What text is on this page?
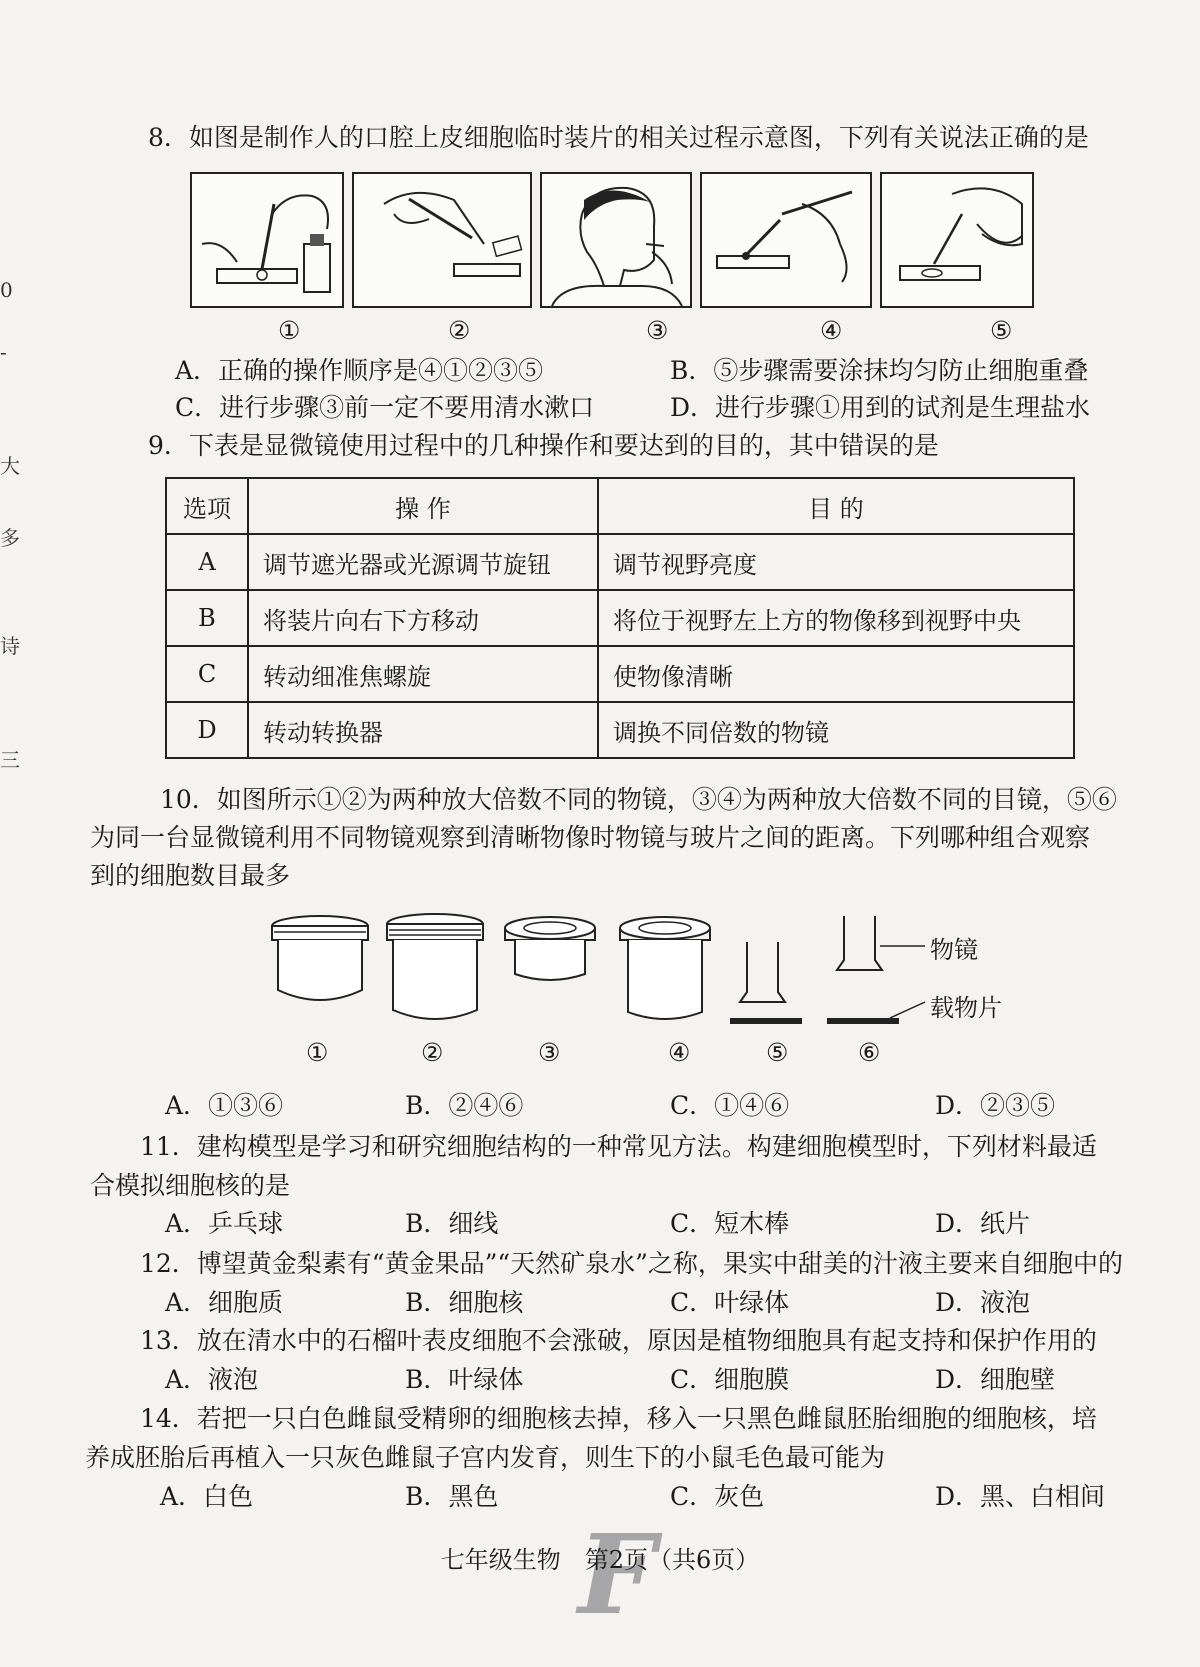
0
-
大
多
诗
三
8．如图是制作人的口腔上皮细胞临时装片的相关过程示意图，下列有关说法正确的是
①	②	③	④	⑤
A．正确的操作顺序是④①②③⑤	B．⑤步骤需要涂抹均匀防止细胞重叠
C．进行步骤③前一定不要用清水漱口	D．进行步骤①用到的试剂是生理盐水
9．下表是显微镜使用过程中的几种操作和要达到的目的，其中错误的是
选项	操 作	目 的
A	调节遮光器或光源调节旋钮	调节视野亮度
B	将装片向右下方移动	将位于视野左上方的物像移到视野中央
C	转动细准焦螺旋	使物像清晰
D	转动转换器	调换不同倍数的物镜
10．如图所示①②为两种放大倍数不同的物镜，③④为两种放大倍数不同的目镜，⑤⑥
为同一台显微镜利用不同物镜观察到清晰物像时物镜与玻片之间的距离。下列哪种组合观察
到的细胞数目最多
物镜
载物片
①	②	③	④	⑤	⑥
A．①③⑥	B．②④⑥	C．①④⑥	D．②③⑤
11．建构模型是学习和研究细胞结构的一种常见方法。构建细胞模型时，下列材料最适
合模拟细胞核的是
A．乒乓球	B．细线	C．短木棒	D．纸片
12．博望黄金梨素有“黄金果品”“天然矿泉水”之称，果实中甜美的汁液主要来自细胞中的
A．细胞质	B．细胞核	C．叶绿体	D．液泡
13．放在清水中的石榴叶表皮细胞不会涨破，原因是植物细胞具有起支持和保护作用的
A．液泡	B．叶绿体	C．细胞膜	D．细胞壁
14．若把一只白色雌鼠受精卵的细胞核去掉，移入一只黑色雌鼠胚胎细胞的细胞核，培
养成胚胎后再植入一只灰色雌鼠子宫内发育，则生下的小鼠毛色最可能为
A．白色	B．黑色	C．灰色	D．黑、白相间
F
七年级生物　第2页（共6页）
